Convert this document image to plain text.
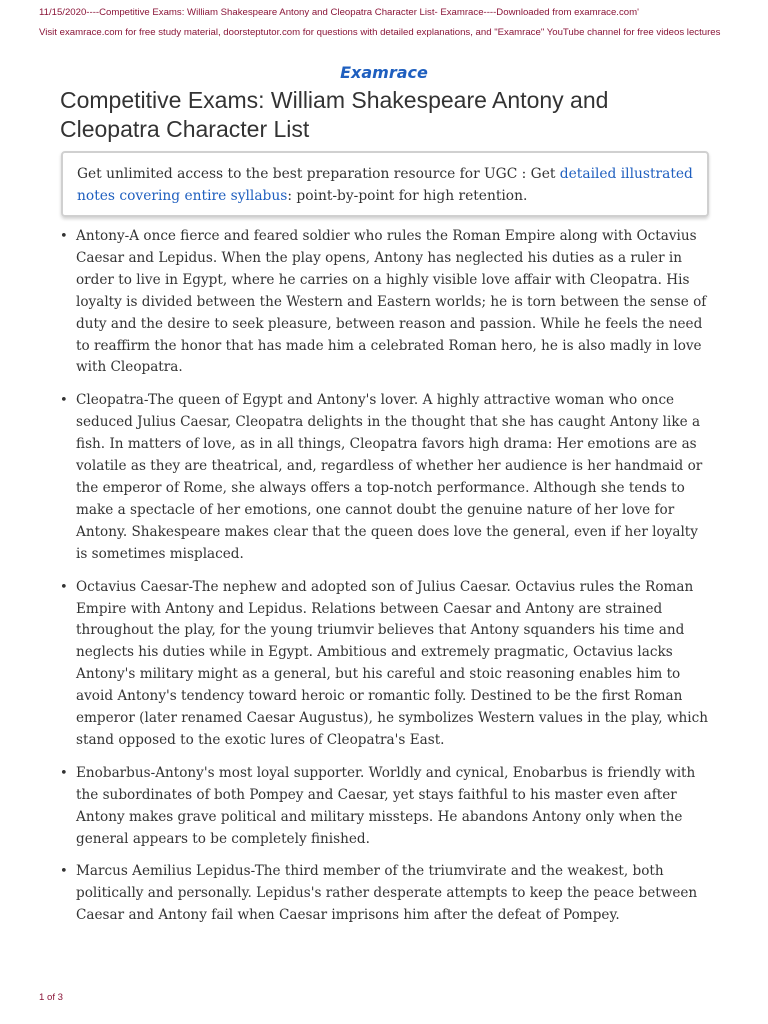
11/15/2020----Competitive Exams: William Shakespeare Antony and Cleopatra Character List- Examrace----Downloaded from examrace.com'
Visit examrace.com for free study material, doorsteptutor.com for questions with detailed explanations, and "Examrace" YouTube channel for free videos lectures
Examrace
Competitive Exams: William Shakespeare Antony and Cleopatra Character List
Get unlimited access to the best preparation resource for UGC : Get detailed illustrated notes covering entire syllabus: point-by-point for high retention.
• Antony-A once fierce and feared soldier who rules the Roman Empire along with Octavius Caesar and Lepidus. When the play opens, Antony has neglected his duties as a ruler in order to live in Egypt, where he carries on a highly visible love affair with Cleopatra. His loyalty is divided between the Western and Eastern worlds; he is torn between the sense of duty and the desire to seek pleasure, between reason and passion. While he feels the need to reaffirm the honor that has made him a celebrated Roman hero, he is also madly in love with Cleopatra.
• Cleopatra-The queen of Egypt and Antony's lover. A highly attractive woman who once seduced Julius Caesar, Cleopatra delights in the thought that she has caught Antony like a fish. In matters of love, as in all things, Cleopatra favors high drama: Her emotions are as volatile as they are theatrical, and, regardless of whether her audience is her handmaid or the emperor of Rome, she always offers a top-notch performance. Although she tends to make a spectacle of her emotions, one cannot doubt the genuine nature of her love for Antony. Shakespeare makes clear that the queen does love the general, even if her loyalty is sometimes misplaced.
• Octavius Caesar-The nephew and adopted son of Julius Caesar. Octavius rules the Roman Empire with Antony and Lepidus. Relations between Caesar and Antony are strained throughout the play, for the young triumvir believes that Antony squanders his time and neglects his duties while in Egypt. Ambitious and extremely pragmatic, Octavius lacks Antony's military might as a general, but his careful and stoic reasoning enables him to avoid Antony's tendency toward heroic or romantic folly. Destined to be the first Roman emperor (later renamed Caesar Augustus), he symbolizes Western values in the play, which stand opposed to the exotic lures of Cleopatra's East.
• Enobarbus-Antony's most loyal supporter. Worldly and cynical, Enobarbus is friendly with the subordinates of both Pompey and Caesar, yet stays faithful to his master even after Antony makes grave political and military missteps. He abandons Antony only when the general appears to be completely finished.
• Marcus Aemilius Lepidus-The third member of the triumvirate and the weakest, both politically and personally. Lepidus's rather desperate attempts to keep the peace between Caesar and Antony fail when Caesar imprisons him after the defeat of Pompey.
1 of 3
